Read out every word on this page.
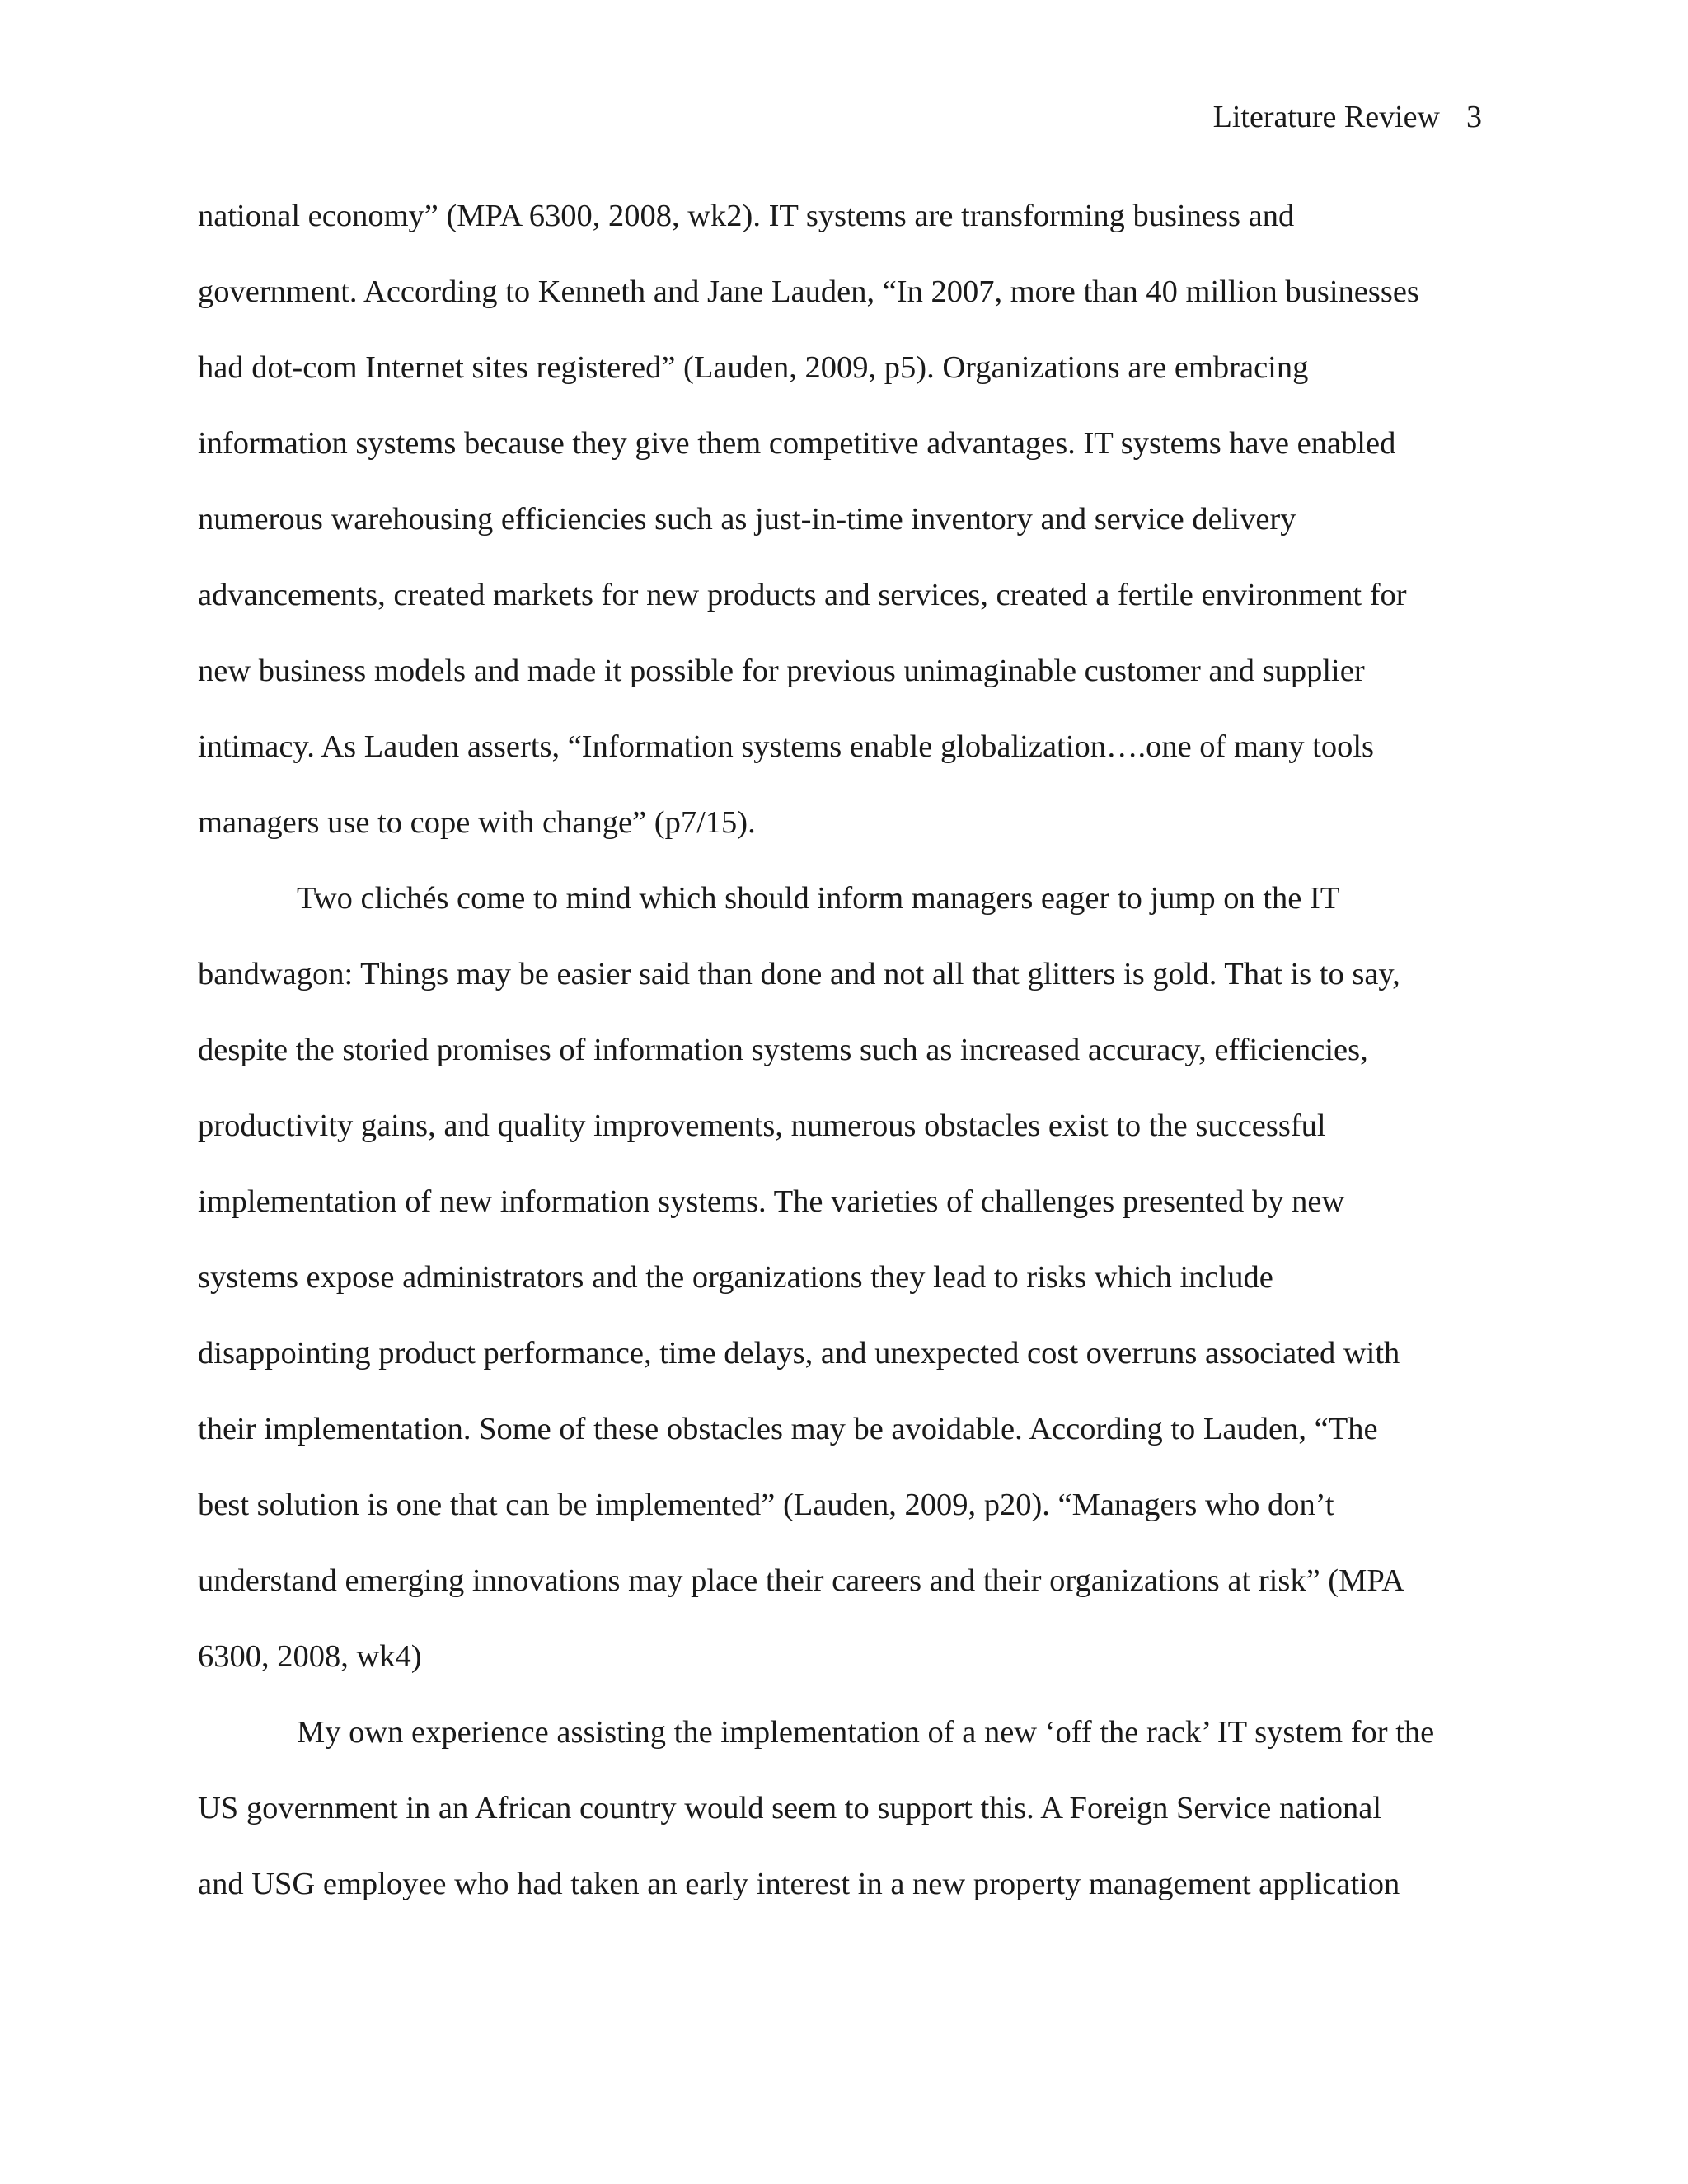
Literature Review 3
national economy” (MPA 6300, 2008, wk2). IT systems are transforming business and
government. According to Kenneth and Jane Lauden, “In 2007, more than 40 million businesses
had dot-com Internet sites registered” (Lauden, 2009, p5). Organizations are embracing
information systems because they give them competitive advantages. IT systems have enabled
numerous warehousing efficiencies such as just-in-time inventory and service delivery
advancements, created markets for new products and services, created a fertile environment for
new business models and made it possible for previous unimaginable customer and supplier
intimacy. As Lauden asserts, “Information systems enable globalization….one of many tools
managers use to cope with change” (p7/15).
Two clichés come to mind which should inform managers eager to jump on the IT
bandwagon: Things may be easier said than done and not all that glitters is gold. That is to say,
despite the storied promises of information systems such as increased accuracy, efficiencies,
productivity gains, and quality improvements, numerous obstacles exist to the successful
implementation of new information systems. The varieties of challenges presented by new
systems expose administrators and the organizations they lead to risks which include
disappointing product performance, time delays, and unexpected cost overruns associated with
their implementation. Some of these obstacles may be avoidable. According to Lauden, “The
best solution is one that can be implemented” (Lauden, 2009, p20). “Managers who don’t
understand emerging innovations may place their careers and their organizations at risk” (MPA
6300, 2008, wk4)
My own experience assisting the implementation of a new ‘off the rack’ IT system for the
US government in an African country would seem to support this. A Foreign Service national
and USG employee who had taken an early interest in a new property management application
